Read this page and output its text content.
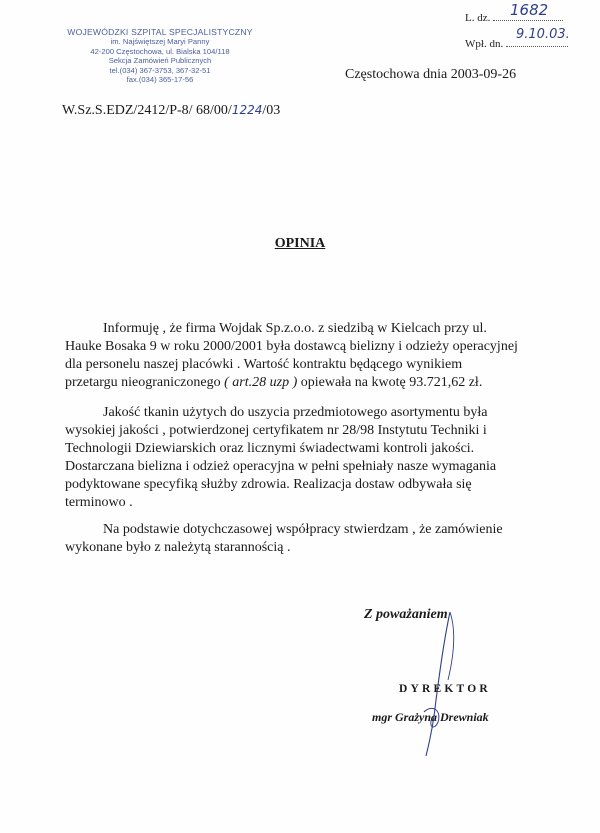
WOJEWÓDZKI SZPITAL SPECJALISTYCZNY
im. Najświętszej Maryi Panny
42-200 Częstochowa, ul. Bialska 104/118
Sekcja Zamówień Publicznych
tel.(034) 367-3753, 367-32-51
fax.(034) 365-17-56
L. dz.	1682
Wpł. dn.
9.10.03.
Częstochowa dnia 2003-09-26
W.Sz.S.EDZ/2412/P-8/ 68/00/1224/03
OPINIA
Informuję , że firma Wojdak Sp.z.o.o. z siedzibą w Kielcach przy ul.
Hauke Bosaka 9 w roku 2000/2001 była dostawcą bielizny i odzieży operacyjnej
dla personelu naszej placówki . Wartość kontraktu będącego wynikiem
przetargu nieograniczonego ( art.28 uzp ) opiewała na kwotę 93.721,62 zł.
Jakość tkanin użytych do uszycia przedmiotowego asortymentu była
wysokiej jakości , potwierdzonej certyfikatem nr 28/98 Instytutu Techniki i
Technologii Dziewiarskich oraz licznymi świadectwami kontroli jakości.
Dostarczana bielizna i odzież operacyjna w pełni spełniały nasze wymagania
podyktowane specyfiką służby zdrowia. Realizacja dostaw odbywała się
terminowo .
Na podstawie dotychczasowej współpracy stwierdzam , że zamówienie
wykonane było z należytą starannością .
Z poważaniem
DYREKTOR
mgr Grażyna Drewniak
